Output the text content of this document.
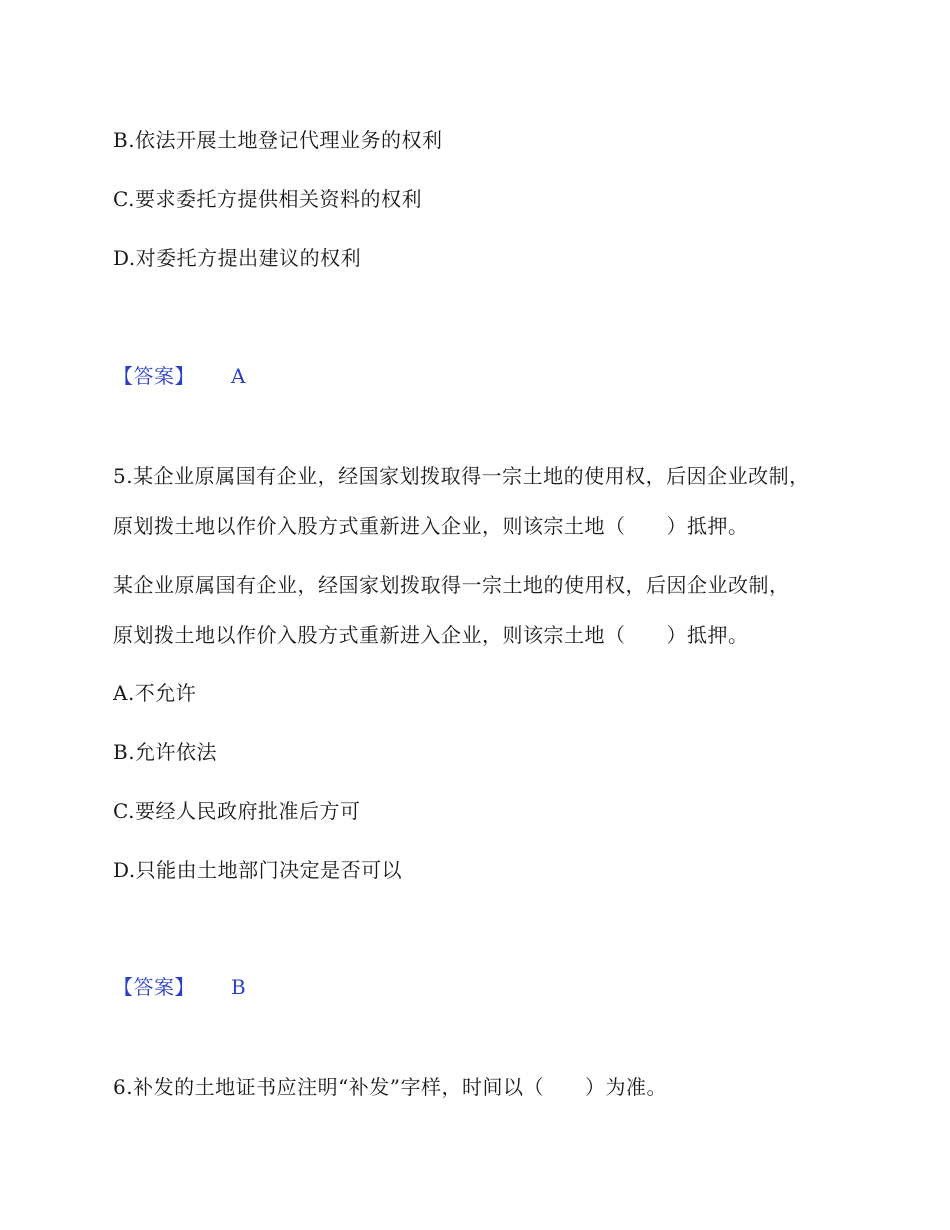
B.依法开展土地登记代理业务的权利
C.要求委托方提供相关资料的权利
D.对委托方提出建议的权利
【答案】 A
5.某企业原属国有企业，经国家划拨取得一宗土地的使用权，后因企业改制，
原划拨土地以作价入股方式重新进入企业，则该宗土地（　　）抵押。
某企业原属国有企业，经国家划拨取得一宗土地的使用权，后因企业改制，
原划拨土地以作价入股方式重新进入企业，则该宗土地（　　）抵押。
A.不允许
B.允许依法
C.要经人民政府批准后方可
D.只能由土地部门决定是否可以
【答案】 B
6.补发的土地证书应注明“补发”字样，时间以（　　）为准。
